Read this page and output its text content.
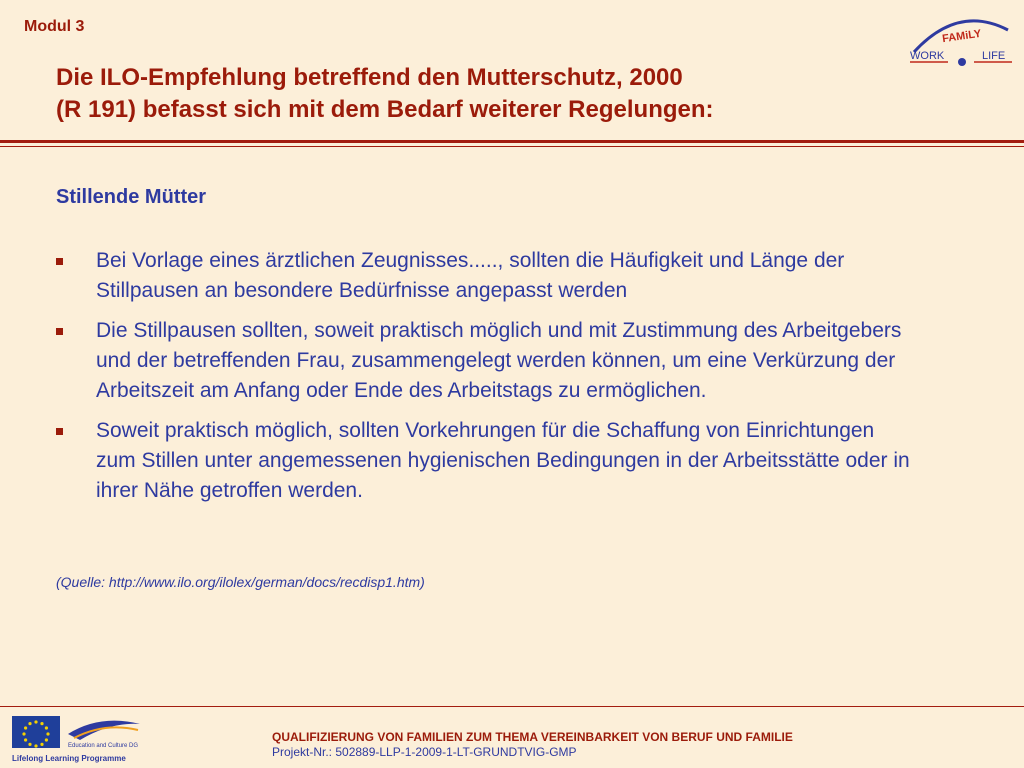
Modul 3
FAMiLY
WORK	LIFE
Die ILO-Empfehlung betreffend den Mutterschutz, 2000
(R 191) befasst sich mit dem Bedarf weiterer Regelungen:
Stillende Mütter
Bei Vorlage eines ärztlichen Zeugnisses....., sollten die Häufigkeit und Länge der Stillpausen an besondere Bedürfnisse angepasst werden
Die Stillpausen sollten, soweit praktisch möglich und mit Zustimmung des Arbeitgebers und der betreffenden Frau, zusammengelegt werden können, um eine Verkürzung der Arbeitszeit am Anfang oder Ende des Arbeitstags zu ermöglichen.
Soweit praktisch möglich, sollten Vorkehrungen für die Schaffung von Einrichtungen zum Stillen unter angemessenen hygienischen Bedingungen in der Arbeitsstätte oder in ihrer Nähe getroffen werden.
(Quelle: http://www.ilo.org/ilolex/german/docs/recdisp1.htm)
Education and Culture DG
Lifelong Learning Programme
QUALIFIZIERUNG VON FAMILIEN ZUM THEMA VEREINBARKEIT VON BERUF UND FAMILIE
Projekt-Nr.: 502889-LLP-1-2009-1-LT-GRUNDTVIG-GMP
